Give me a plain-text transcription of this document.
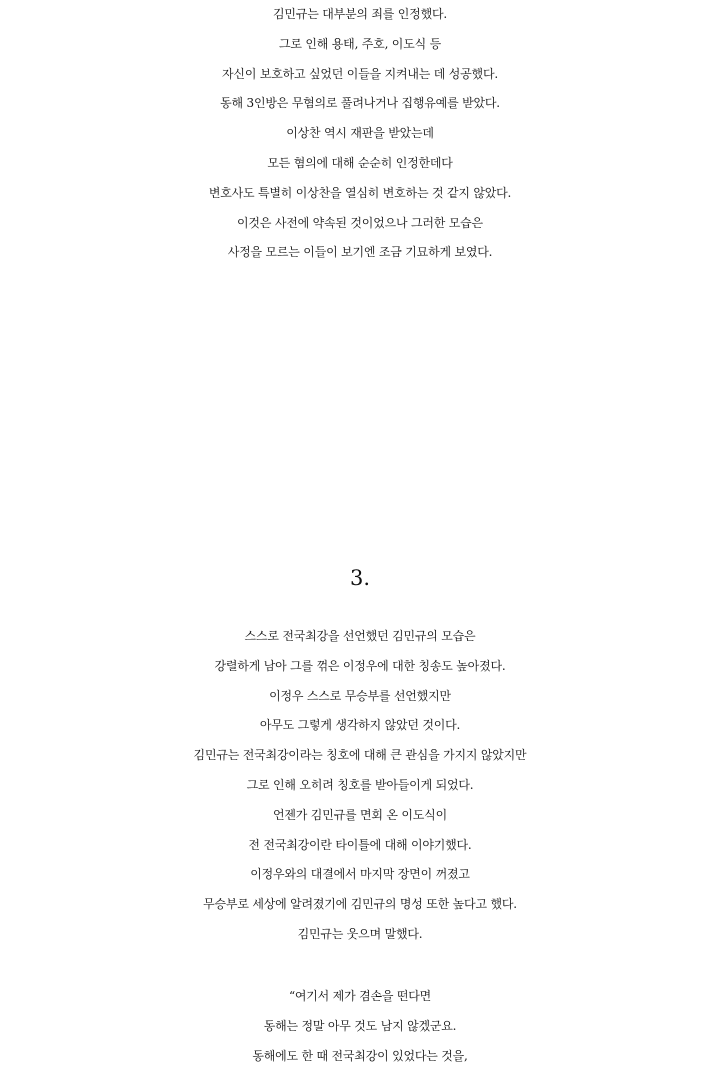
김민규는 대부분의 죄를 인정했다.
그로 인해 용태, 주호, 이도식 등
자신이 보호하고 싶었던 이들을 지켜내는 데 성공했다.
동해 3인방은 무혐의로 풀려나거나 집행유예를 받았다.
이상찬 역시 재판을 받았는데
모든 혐의에 대해 순순히 인정한데다
변호사도 특별히 이상찬을 열심히 변호하는 것 같지 않았다.
이것은 사전에 약속된 것이었으나 그러한 모습은
사정을 모르는 이들이 보기엔 조금 기묘하게 보였다.
3.
스스로 전국최강을 선언했던 김민규의 모습은
강렬하게 남아 그를 꺾은 이정우에 대한 칭송도 높아졌다.
이정우 스스로 무승부를 선언했지만
아무도 그렇게 생각하지 않았던 것이다.
김민규는 전국최강이라는 칭호에 대해 큰 관심을 가지지 않았지만
그로 인해 오히려 칭호를 받아들이게 되었다.
언젠가 김민규를 면회 온 이도식이
전 전국최강이란 타이틀에 대해 이야기했다.
이정우와의 대결에서 마지막 장면이 꺼졌고
무승부로 세상에 알려졌기에 김민규의 명성 또한 높다고 했다.
김민규는 웃으며 말했다.
“여기서 제가 겸손을 떤다면
동해는 정말 아무 것도 남지 않겠군요.
동해에도 한 때 전국최강이 있었다는 것을,
